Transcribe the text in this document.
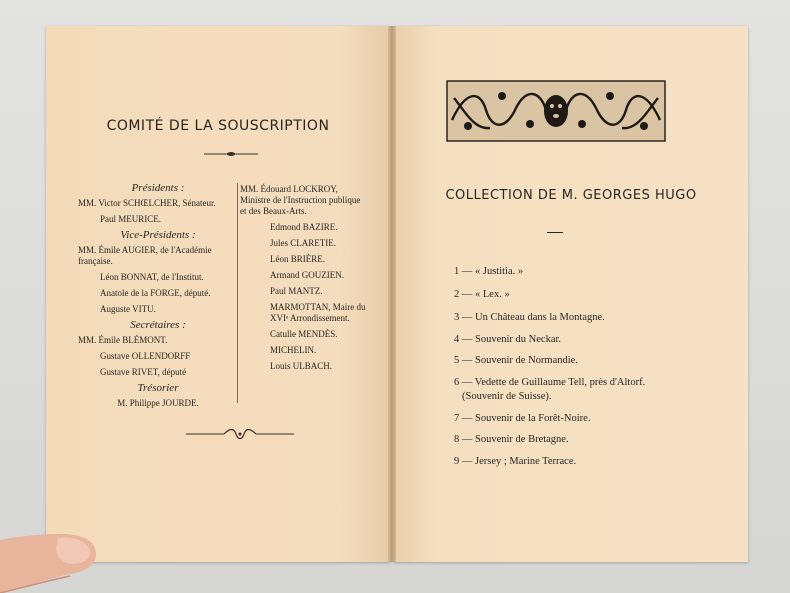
COMITÉ DE LA SOUSCRIPTION
Présidents :
MM. Victor SCHŒLCHER, Sénateur.
Paul MEURICE.
Vice-Présidents :
MM. Émile AUGIER, de l'Académie française.
Léon BONNAT, de l'Institut.
Anatole de la FORGE, député.
Auguste VITU.
Secrétaires :
MM. Émile BLÉMONT.
Gustave OLLENDORFF
Gustave RIVET, député
Trésorier
M. Philippe JOURDE.
MM. Édouard LOCKROY, Ministre de l'Instruction publique et des Beaux-Arts.
Edmond BAZIRE.
Jules CLARETIE.
Léon BRIÈRE.
Armand GOUZIEN.
Paul MANTZ.
MARMOTTAN, Maire du XVIᵉ Arrondissement.
Catulle MENDÈS.
MICHELIN.
Louis ULBACH.
COLLECTION DE M. GEORGES HUGO
1 — « Justitia. »
2 — « Lex. »
3 — Un Château dans la Montagne.
4 — Souvenir du Neckar.
5 — Souvenir de Normandie.
6 — Vedette de Guillaume Tell, près d'Altorf.
(Souvenir de Suisse).
7 — Souvenir de la Forêt-Noire.
8 — Souvenir de Bretagne.
9 — Jersey ; Marine Terrace.
